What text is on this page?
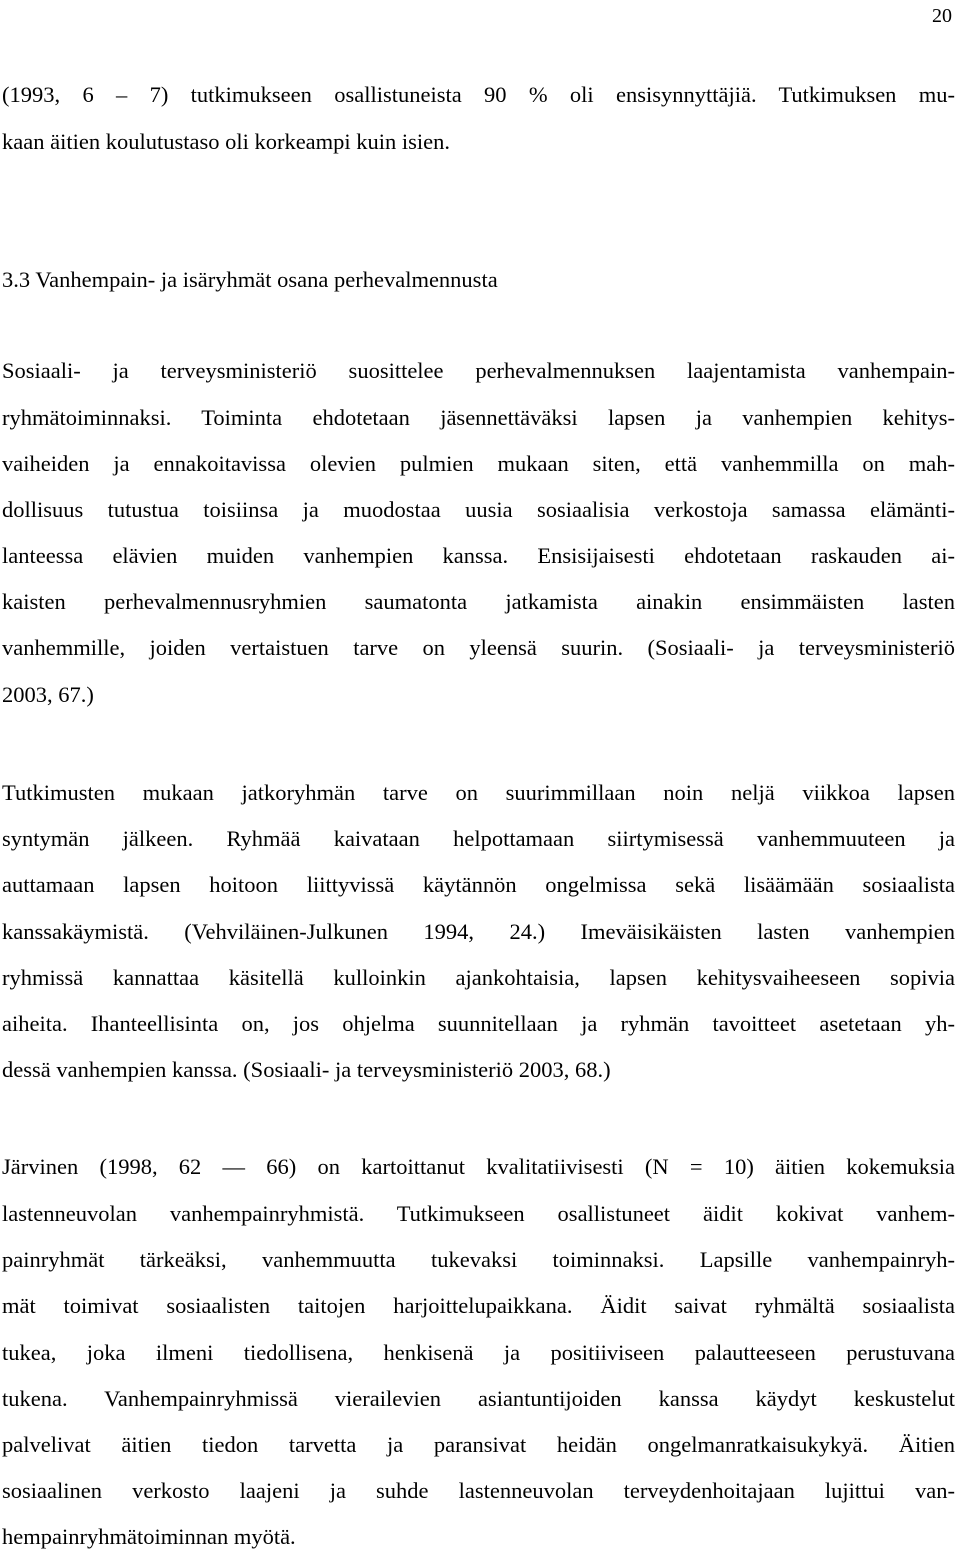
20
(1993, 6 – 7) tutkimukseen osallistuneista 90 % oli ensisynnyttäjiä. Tutkimuksen mu-
kaan äitien koulutustaso oli korkeampi kuin isien.
3.3 Vanhempain- ja isäryhmät osana perhevalmennusta
Sosiaali- ja terveysministeriö suosittelee perhevalmennuksen laajentamista vanhempain-
ryhmätoiminnaksi. Toiminta ehdotetaan jäsennettäväksi lapsen ja vanhempien kehitys-
vaiheiden ja ennakoitavissa olevien pulmien mukaan siten, että vanhemmilla on mah-
dollisuus tutustua toisiinsa ja muodostaa uusia sosiaalisia verkostoja samassa elämänti-
lanteessa elävien muiden vanhempien kanssa. Ensisijaisesti ehdotetaan raskauden ai-
kaisten perhevalmennusryhmien saumatonta jatkamista ainakin ensimmäisten lasten
vanhemmille, joiden vertaistuen tarve on yleensä suurin. (Sosiaali- ja terveysministeriö
2003, 67.)
Tutkimusten mukaan jatkoryhmän tarve on suurimmillaan noin neljä viikkoa lapsen
syntymän jälkeen. Ryhmää kaivataan helpottamaan siirtymisessä vanhemmuuteen ja
auttamaan lapsen hoitoon liittyvissä käytännön ongelmissa sekä lisäämään sosiaalista
kanssakäymistä. (Vehviläinen-Julkunen 1994, 24.) Imeväisikäisten lasten vanhempien
ryhmissä kannattaa käsitellä kulloinkin ajankohtaisia, lapsen kehitysvaiheeseen sopivia
aiheita. Ihanteellisinta on, jos ohjelma suunnitellaan ja ryhmän tavoitteet asetetaan yh-
dessä vanhempien kanssa. (Sosiaali- ja terveysministeriö 2003, 68.)
Järvinen (1998, 62 — 66) on kartoittanut kvalitatiivisesti (N = 10) äitien kokemuksia
lastenneuvolan vanhempainryhmistä. Tutkimukseen osallistuneet äidit kokivat vanhem-
painryhmät tärkeäksi, vanhemmuutta tukevaksi toiminnaksi. Lapsille vanhempainryh-
mät toimivat sosiaalisten taitojen harjoittelupaikkana. Äidit saivat ryhmältä sosiaalista
tukea, joka ilmeni tiedollisena, henkisenä ja positiiviseen palautteeseen perustuvana
tukena. Vanhempainryhmissä vierailevien asiantuntijoiden kanssa käydyt keskustelut
palvelivat äitien tiedon tarvetta ja paransivat heidän ongelmanratkaisukykyä. Äitien
sosiaalinen verkosto laajeni ja suhde lastenneuvolan terveydenhoitajaan lujittui van-
hempainryhmätoiminnan myötä.
